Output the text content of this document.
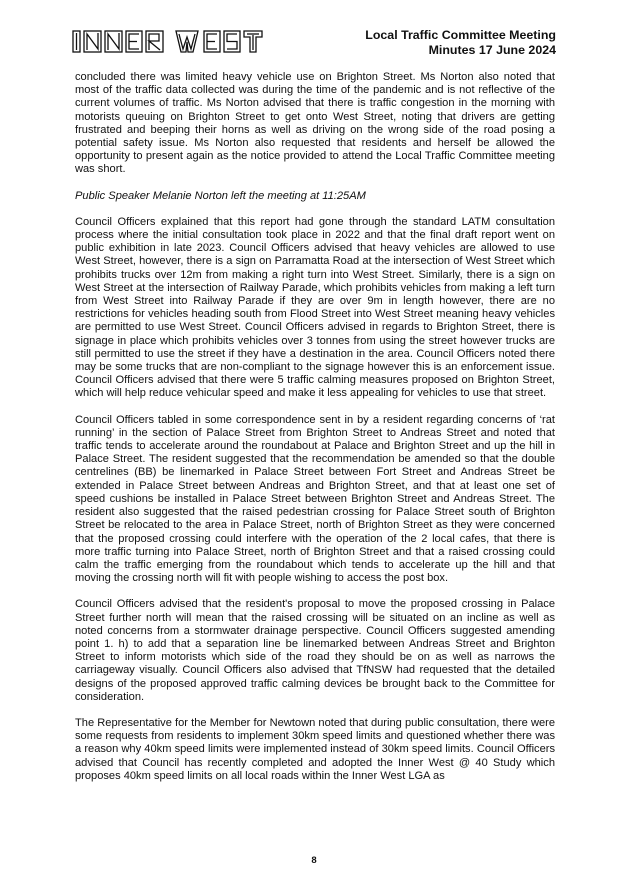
Local Traffic Committee Meeting
Minutes 17 June 2024

concluded there was limited heavy vehicle use on Brighton Street. Ms Norton also noted that most of the traffic data collected was during the time of the pandemic and is not reflective of the current volumes of traffic. Ms Norton advised that there is traffic congestion in the morning with motorists queuing on Brighton Street to get onto West Street, noting that drivers are getting frustrated and beeping their horns as well as driving on the wrong side of the road posing a potential safety issue. Ms Norton also requested that residents and herself be allowed the opportunity to present again as the notice provided to attend the Local Traffic Committee meeting was short.

Public Speaker Melanie Norton left the meeting at 11:25AM

Council Officers explained that this report had gone through the standard LATM consultation process where the initial consultation took place in 2022 and that the final draft report went on public exhibition in late 2023. Council Officers advised that heavy vehicles are allowed to use West Street, however, there is a sign on Parramatta Road at the intersection of West Street which prohibits trucks over 12m from making a right turn into West Street. Similarly, there is a sign on West Street at the intersection of Railway Parade, which prohibits vehicles from making a left turn from West Street into Railway Parade if they are over 9m in length however, there are no restrictions for vehicles heading south from Flood Street into West Street meaning heavy vehicles are permitted to use West Street. Council Officers advised in regards to Brighton Street, there is signage in place which prohibits vehicles over 3 tonnes from using the street however trucks are still permitted to use the street if they have a destination in the area. Council Officers noted there may be some trucks that are non-compliant to the signage however this is an enforcement issue. Council Officers advised that there were 5 traffic calming measures proposed on Brighton Street, which will help reduce vehicular speed and make it less appealing for vehicles to use that street.

Council Officers tabled in some correspondence sent in by a resident regarding concerns of ‘rat running’ in the section of Palace Street from Brighton Street to Andreas Street and noted that traffic tends to accelerate around the roundabout at Palace and Brighton Street and up the hill in Palace Street. The resident suggested that the recommendation be amended so that the double centrelines (BB) be linemarked in Palace Street between Fort Street and Andreas Street be extended in Palace Street between Andreas and Brighton Street, and that at least one set of speed cushions be installed in Palace Street between Brighton Street and Andreas Street. The resident also suggested that the raised pedestrian crossing for Palace Street south of Brighton Street be relocated to the area in Palace Street, north of Brighton Street as they were concerned that the proposed crossing could interfere with the operation of the 2 local cafes, that there is more traffic turning into Palace Street, north of Brighton Street and that a raised crossing could calm the traffic emerging from the roundabout which tends to accelerate up the hill and that moving the crossing north will fit with people wishing to access the post box.

Council Officers advised that the resident's proposal to move the proposed crossing in Palace Street further north will mean that the raised crossing will be situated on an incline as well as noted concerns from a stormwater drainage perspective. Council Officers suggested amending point 1. h) to add that a separation line be linemarked between Andreas Street and Brighton Street to inform motorists which side of the road they should be on as well as narrows the carriageway visually. Council Officers also advised that TfNSW had requested that the detailed designs of the proposed approved traffic calming devices be brought back to the Committee for consideration.

The Representative for the Member for Newtown noted that during public consultation, there were some requests from residents to implement 30km speed limits and questioned whether there was a reason why 40km speed limits were implemented instead of 30km speed limits. Council Officers advised that Council has recently completed and adopted the Inner West @ 40 Study which proposes 40km speed limits on all local roads within the Inner West LGA as

8
